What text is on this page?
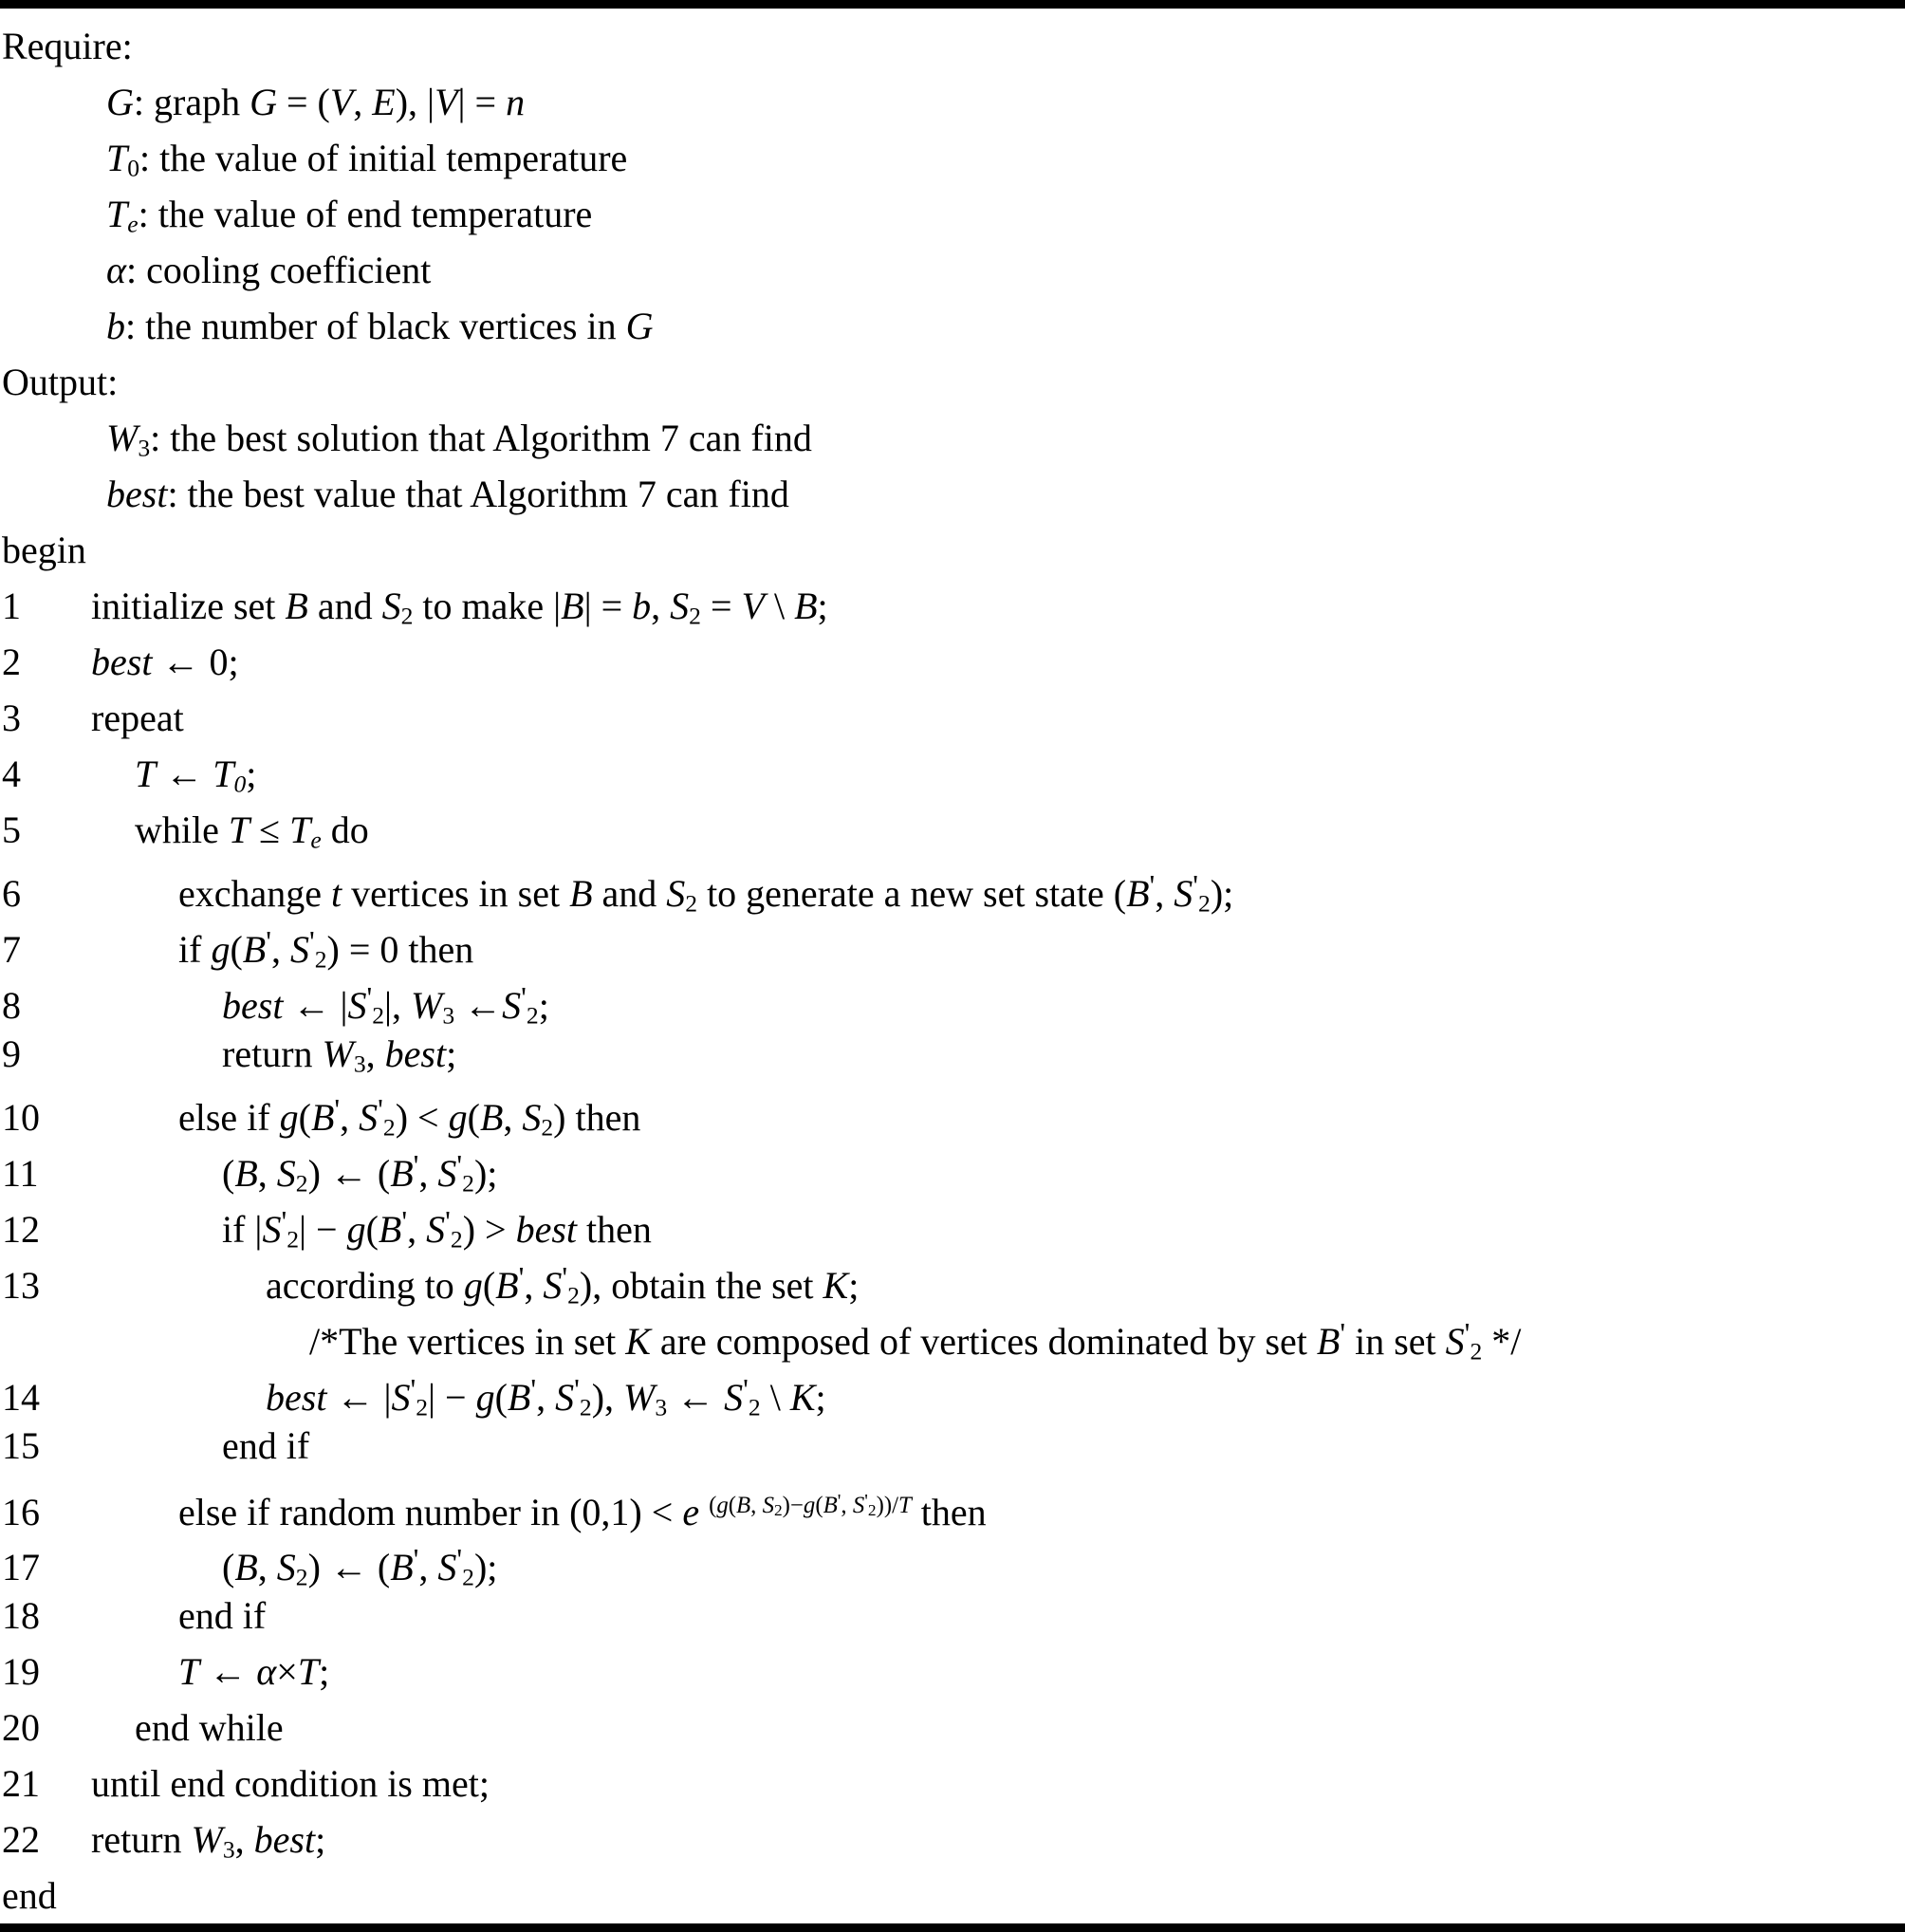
Require:
G: graph G = (V, E), |V| = n
T0: the value of initial temperature
$T_e$: the value of end temperature
α: cooling coefficient
b: the number of black vertices in G
Output:
W3: the best solution that Algorithm 7 can find
best: the best value that Algorithm 7 can find
begin
1	initialize set B and S2 to make |B| = b, S2 = V \ B;
2	best ← 0;
3	repeat
4	T ← $T_0$;
5	while $T \le T_e$ do
6	exchange t vertices in set B and S2 to generate a new set state (B', S'2);
7	if g(B', S'2) = 0 then
8	best ← |S'2|, W3 ←S'2;
9	return W3, best;
10	else if g(B', S'2) < g(B, S2) then
11	(B, S2) ← (B', S'2);
12	if |S'2| − g(B', S'2) > best then
13	according to g(B', S'2), obtain the set K;
/*The vertices in set K are composed of vertices dominated by set B' in set S'2 */
14	best ← |S'2| − g(B', S'2), W3 ← S'2 \ K;
15	end if
16	else if random number in (0,1) < e $^{(g(B, S2)-g(B', S'2))/T}$ then
17	(B, S2) ← (B', S'2);
18	end if
19	T ← α×T;
20	end while
21	until end condition is met;
22	return W3, best;
end
